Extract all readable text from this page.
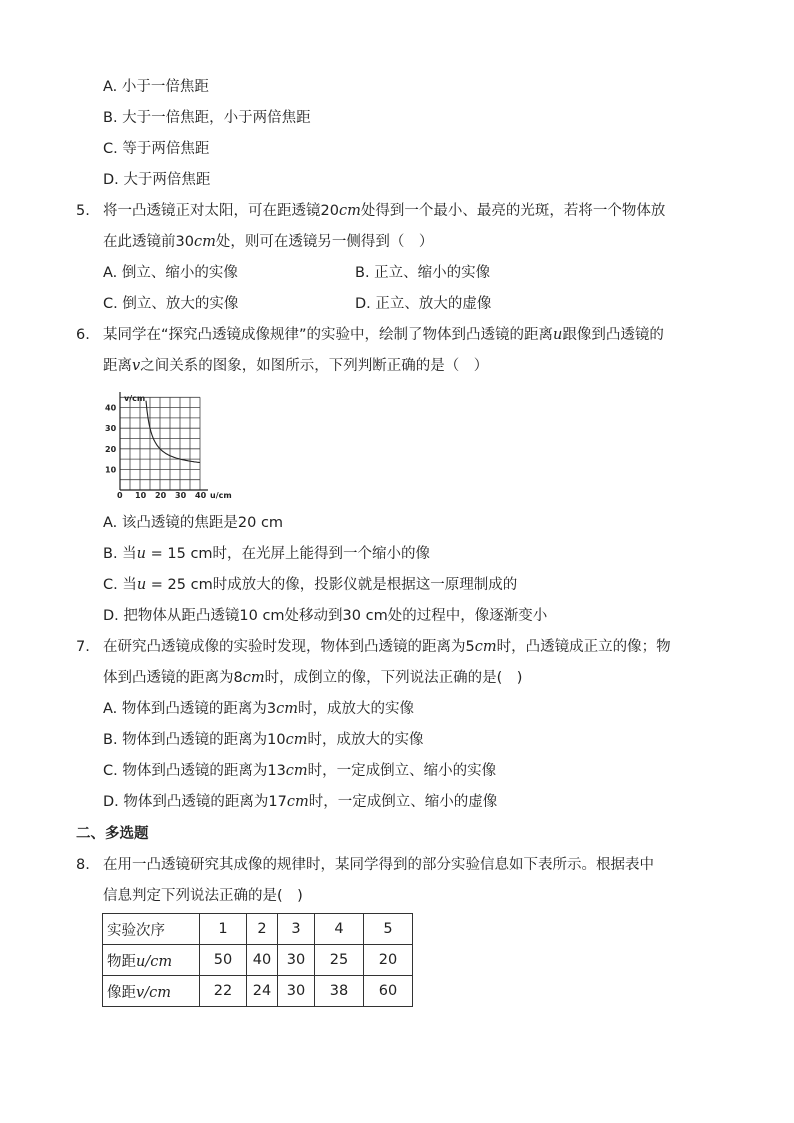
A. 小于一倍焦距
B. 大于一倍焦距，小于两倍焦距
C. 等于两倍焦距
D. 大于两倍焦距
5. 将一凸透镜正对太阳，可在距透镜20cm处得到一个最小、最亮的光斑，若将一个物体放
在此透镜前30cm处，则可在透镜另一侧得到（　）
A. 倒立、缩小的实像	B. 正立、缩小的实像
C. 倒立、放大的实像	D. 正立、放大的虚像
6. 某同学在“探究凸透镜成像规律”的实验中，绘制了物体到凸透镜的距离u跟像到凸透镜的
距离v之间关系的图象，如图所示，下列判断正确的是（　）
v/cm
u/cm
10
20
30
40
0 10 20 30 40
A. 该凸透镜的焦距是20 cm
B. 当u = 15 cm时，在光屏上能得到一个缩小的像
C. 当u = 25 cm时成放大的像，投影仪就是根据这一原理制成的
D. 把物体从距凸透镜10 cm处移动到30 cm处的过程中，像逐渐变小
7. 在研究凸透镜成像的实验时发现，物体到凸透镜的距离为5cm时，凸透镜成正立的像；物
体到凸透镜的距离为8cm时，成倒立的像，下列说法正确的是(　)
A. 物体到凸透镜的距离为3cm时，成放大的实像
B. 物体到凸透镜的距离为10cm时，成放大的实像
C. 物体到凸透镜的距离为13cm时，一定成倒立、缩小的实像
D. 物体到凸透镜的距离为17cm时，一定成倒立、缩小的虚像
二、多选题
8. 在用一凸透镜研究其成像的规律时，某同学得到的部分实验信息如下表所示。根据表中
信息判定下列说法正确的是(　)
实验次序	1	2	3	4	5
物距u/cm	50	40	30	25	20
像距v/cm	22	24	30	38	60
